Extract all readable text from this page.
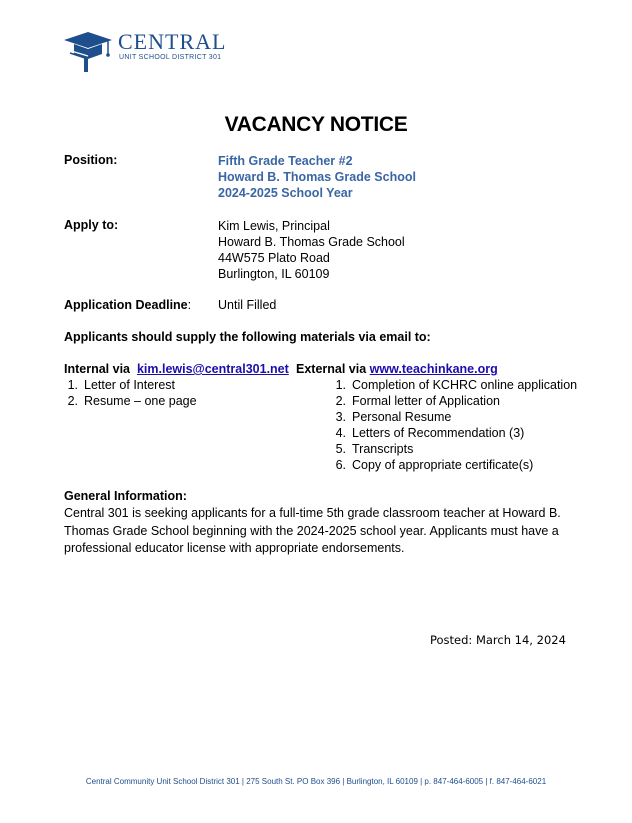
CENTRAL
UNIT SCHOOL DISTRICT 301
VACANCY NOTICE
Position:	Fifth Grade Teacher #2
Howard B. Thomas Grade School
2024-2025 School Year
Apply to:	Kim Lewis, Principal
Howard B. Thomas Grade School
44W575 Plato Road
Burlington, IL 60109
Application Deadline: Until Filled
Applicants should supply the following materials via email to:
Internal via kim.lewis@central301.net
1. Letter of Interest
2. Resume – one page
External via www.teachinkane.org
1. Completion of KCHRC online application
2. Formal letter of Application
3. Personal Resume
4. Letters of Recommendation (3)
5. Transcripts
6. Copy of appropriate certificate(s)
General Information:
Central 301 is seeking applicants for a full-time 5th grade classroom teacher at Howard B. Thomas Grade School beginning with the 2024-2025 school year. Applicants must have a professional educator license with appropriate endorsements.
Posted: March 14, 2024
Central Community Unit School District 301 | 275 South St. PO Box 396 | Burlington, IL 60109 | p. 847-464-6005 | f. 847-464-6021
